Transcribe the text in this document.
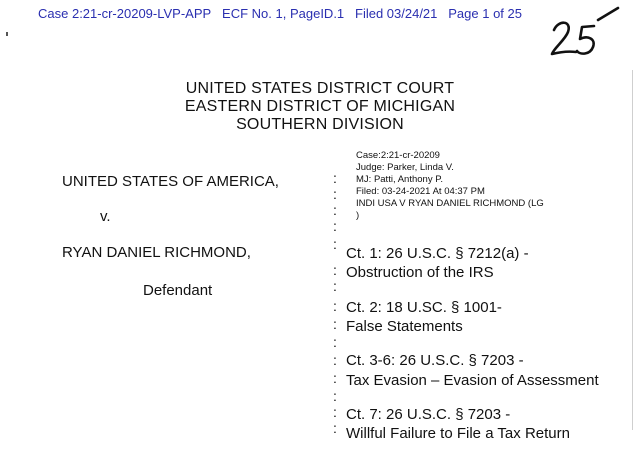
Case 2:21-cr-20209-LVP-APP ECF No. 1, PageID.1 Filed 03/24/21 Page 1 of 25
25
UNITED STATES DISTRICT COURT
EASTERN DISTRICT OF MICHIGAN
SOUTHERN DIVISION
UNITED STATES OF AMERICA,
v.
RYAN DANIEL RICHMOND,
Defendant
:
:
:
:
:
:
:
:
:
:
:
:
:
:
:
Case:2:21-cr-20209
Judge: Parker, Linda V.
MJ: Patti, Anthony P.
Filed: 03-24-2021 At 04:37 PM
INDI USA V RYAN DANIEL RICHMOND (LG
)
Ct. 1: 26 U.S.C. § 7212(a) -
Obstruction of the IRS
Ct. 2: 18 U.SC. § 1001-
False Statements
Ct. 3-6: 26 U.S.C. § 7203 -
Tax Evasion – Evasion of Assessment
Ct. 7: 26 U.S.C. § 7203 -
Willful Failure to File a Tax Return
